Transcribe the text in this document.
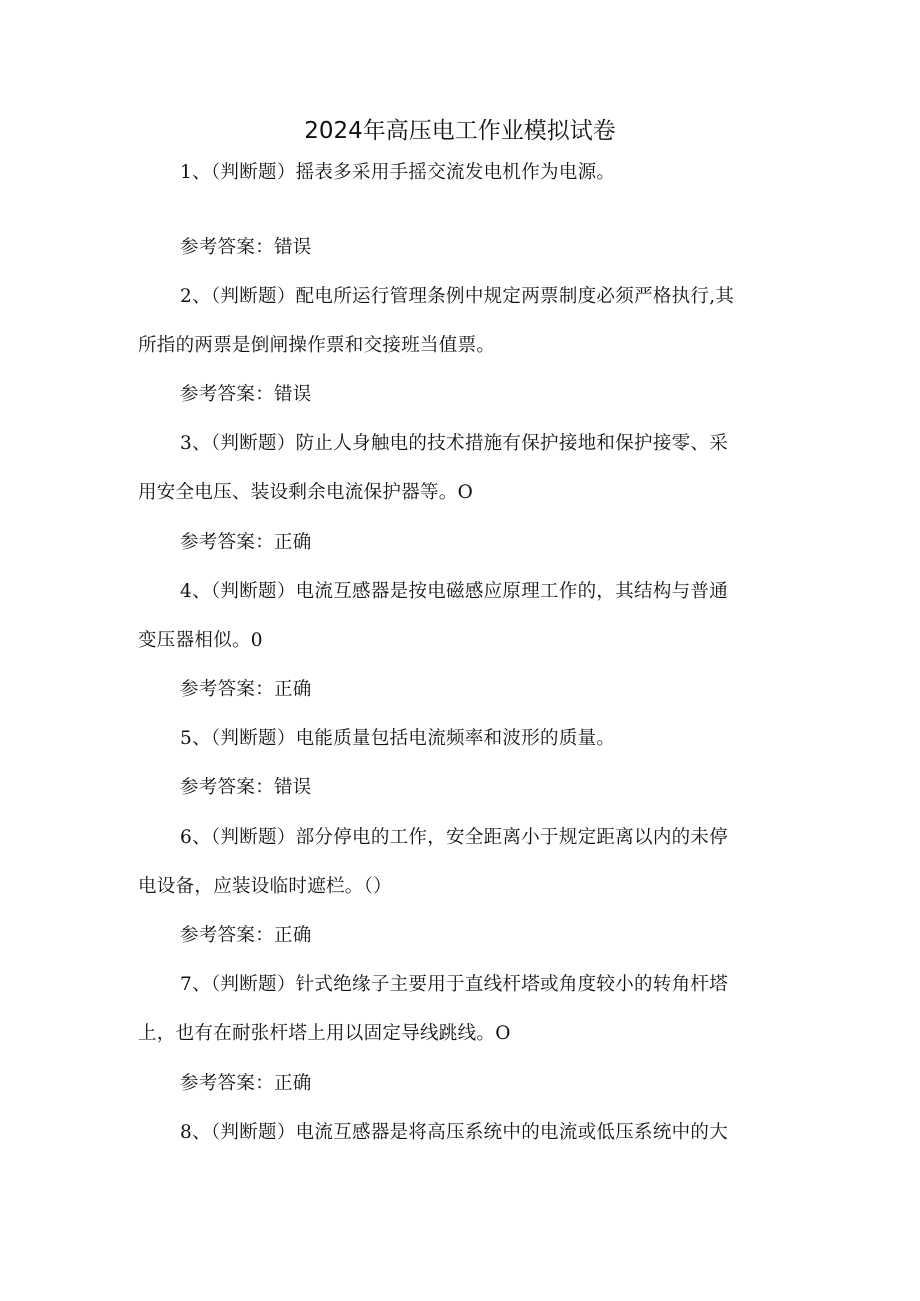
2024年高压电工作业模拟试卷
1、（判断题）摇表多采用手摇交流发电机作为电源。
参考答案：错误
2、（判断题）配电所运行管理条例中规定两票制度必须严格执行,其
所指的两票是倒闸操作票和交接班当值票。
参考答案：错误
3、（判断题）防止人身触电的技术措施有保护接地和保护接零、采
用安全电压、装设剩余电流保护器等。O
参考答案：正确
4、（判断题）电流互感器是按电磁感应原理工作的，其结构与普通
变压器相似。0
参考答案：正确
5、（判断题）电能质量包括电流频率和波形的质量。
参考答案：错误
6、（判断题）部分停电的工作，安全距离小于规定距离以内的未停
电设备，应装设临时遮栏。（）
参考答案：正确
7、（判断题）针式绝缘子主要用于直线杆塔或角度较小的转角杆塔
上，也有在耐张杆塔上用以固定导线跳线。O
参考答案：正确
8、（判断题）电流互感器是将高压系统中的电流或低压系统中的大
